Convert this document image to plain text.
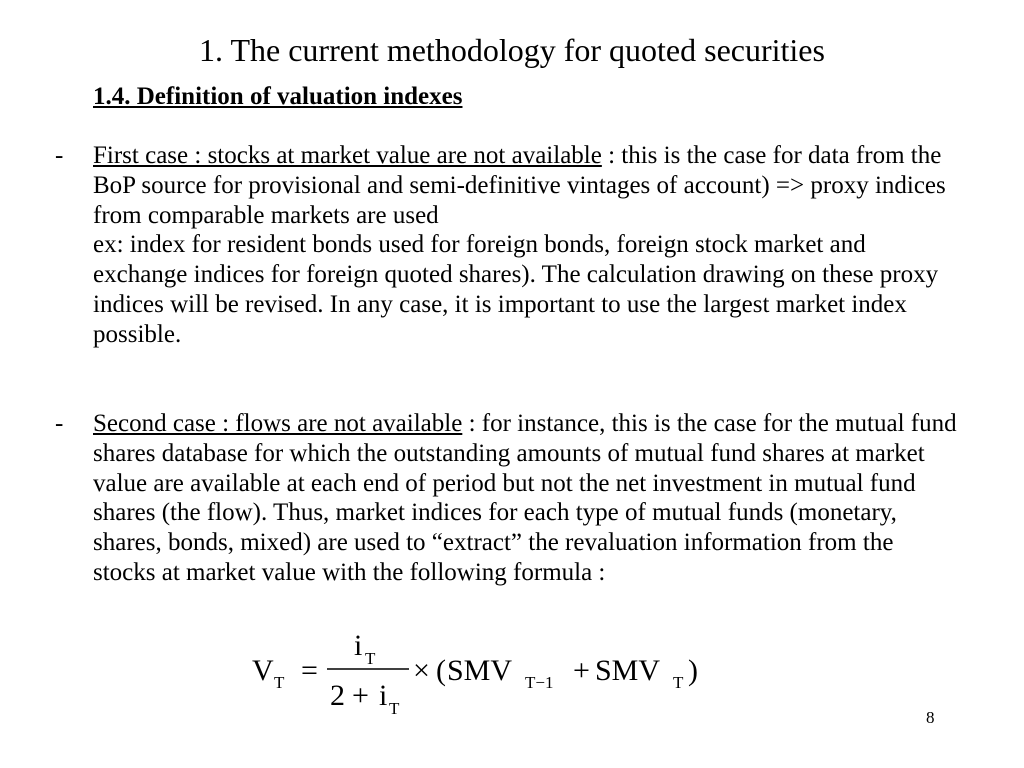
1. The current methodology for quoted securities
1.4. Definition of valuation indexes
- First case : stocks at market value are not available : this is the case for data from the BoP source for provisional and semi-definitive vintages of account) => proxy indices from comparable markets are used
ex: index for resident bonds used for foreign bonds, foreign stock market and exchange indices for foreign quoted shares). The calculation drawing on these proxy indices will be revised. In any case, it is important to use the largest market index possible.
- Second case : flows are not available : for instance, this is the case for the mutual fund shares database for which the outstanding amounts of mutual fund shares at market value are available at each end of period but not the net investment in mutual fund shares (the flow). Thus, market indices for each type of mutual funds (monetary, shares, bonds, mixed) are used to “extract” the revaluation information from the stocks at market value with the following formula :
V T =
i T
2 + i T
× ( SMV T−1 + SMV T )
8
